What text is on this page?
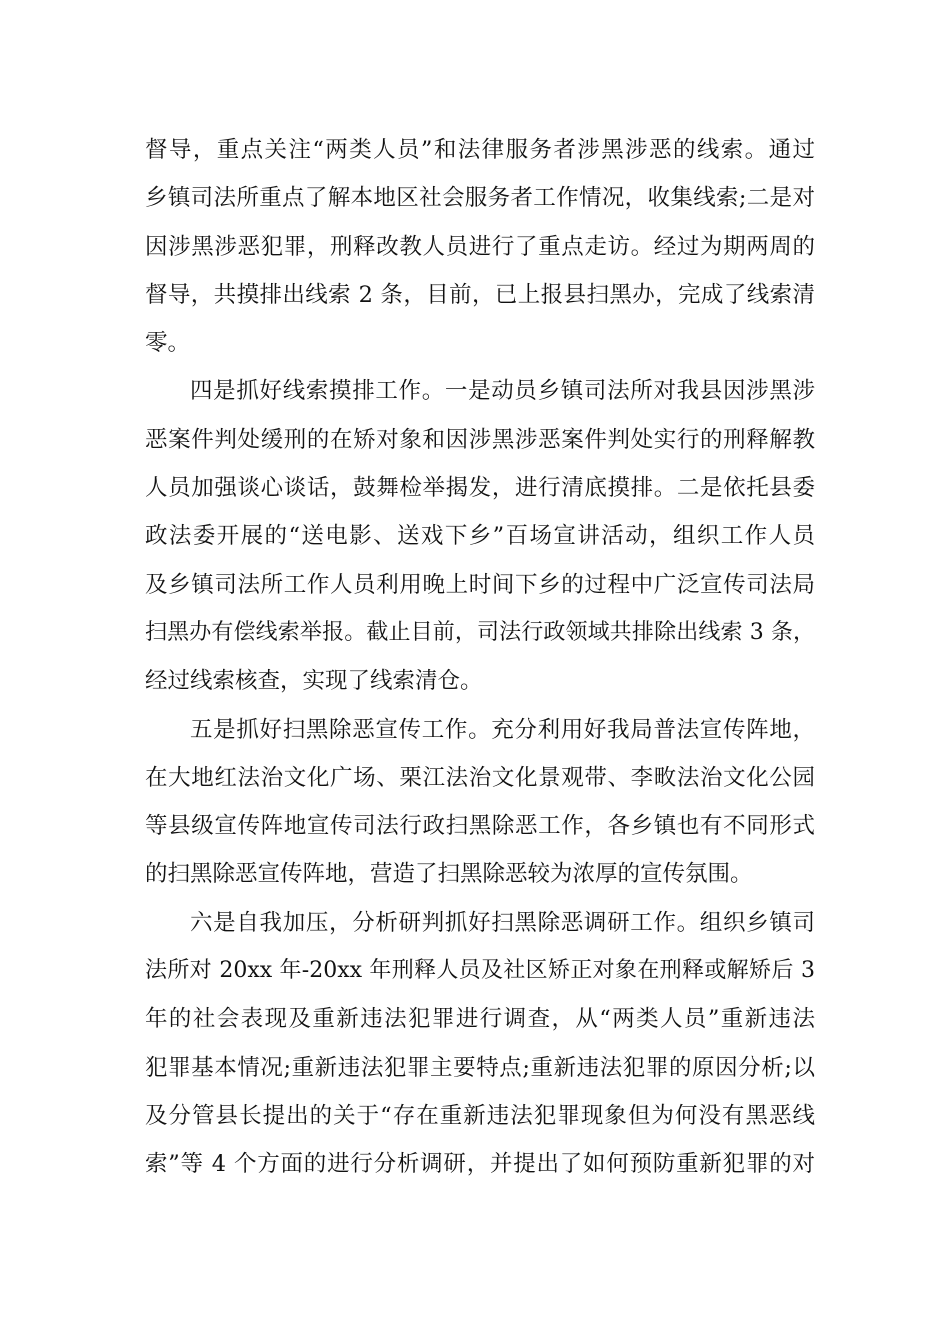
督导，重点关注“两类人员”和法律服务者涉黑涉恶的线索。通过
乡镇司法所重点了解本地区社会服务者工作情况，收集线索;二是对
因涉黑涉恶犯罪，刑释改教人员进行了重点走访。经过为期两周的
督导，共摸排出线索 2 条，目前，已上报县扫黑办，完成了线索清
零。
四是抓好线索摸排工作。一是动员乡镇司法所对我县因涉黑涉
恶案件判处缓刑的在矫对象和因涉黑涉恶案件判处实行的刑释解教
人员加强谈心谈话，鼓舞检举揭发，进行清底摸排。二是依托县委
政法委开展的“送电影、送戏下乡”百场宣讲活动，组织工作人员
及乡镇司法所工作人员利用晚上时间下乡的过程中广泛宣传司法局
扫黑办有偿线索举报。截止目前，司法行政领域共排除出线索 3 条，
经过线索核查，实现了线索清仓。
五是抓好扫黑除恶宣传工作。充分利用好我局普法宣传阵地，
在大地红法治文化广场、栗江法治文化景观带、李畋法治文化公园
等县级宣传阵地宣传司法行政扫黑除恶工作，各乡镇也有不同形式
的扫黑除恶宣传阵地，营造了扫黑除恶较为浓厚的宣传氛围。
六是自我加压，分析研判抓好扫黑除恶调研工作。组织乡镇司
法所对 20xx 年-20xx 年刑释人员及社区矫正对象在刑释或解矫后 3
年的社会表现及重新违法犯罪进行调查，从“两类人员”重新违法
犯罪基本情况;重新违法犯罪主要特点;重新违法犯罪的原因分析;以
及分管县长提出的关于“存在重新违法犯罪现象但为何没有黑恶线
索”等 4 个方面的进行分析调研，并提出了如何预防重新犯罪的对
